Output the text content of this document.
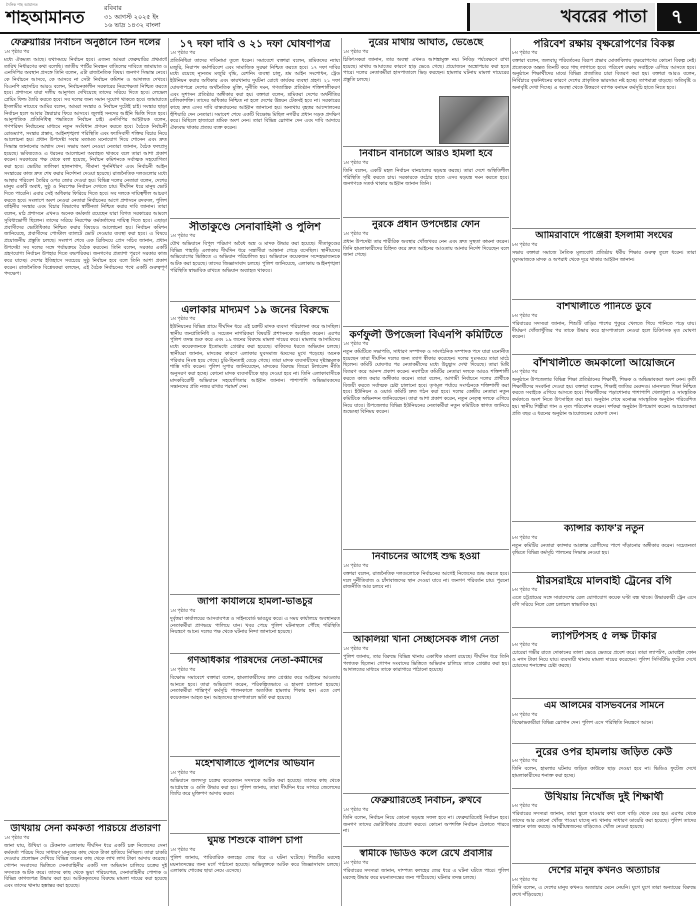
দৈনিক শাহ আমানত
শাহআমানত	রবিবার
৩১ আগস্ট ২০২৫ ইং
১৬ ভাদ্র ১৪৩২ বাংলা	খবরের পাতা	৭
ফেব্রুয়ারির নির্বাচন অনুষ্ঠানে তিন দলের
১ম পৃষ্ঠার পর

মধ্যে ঐকমত্য আছে। যথাসময়ে নির্বাচন হবে। এজন্য আমরা ফেব্রুয়ারির প্রথমার্ধে তারিখ নির্ধারণের কথা বলেছি। জাতীয় পার্টির নিবন্ধন বাতিলের দাবিতে জামায়াত ও এনসিপির অবস্থান প্রসঙ্গে তিনি বলেন, এটা রাজনৈতিক বিষয়। জনগণ সিদ্ধান্ত নেবে। কে নির্বাচনে আসবে, কে আসবে না সেটা নির্বাচন কমিশন ও আদালত দেখবে। বিএনপি মহাসচিব আরও বলেন, নির্বাচনকালীন সরকারের নিরপেক্ষতা নিশ্চিত করতে হবে। প্রশাসনে যারা দলীয় আনুগত্য দেখিয়েছে তাদের সরিয়ে দিতে হবে। লেভেল প্লেয়িং ফিল্ড তৈরি করতে হবে। সব দলের জন্য সমান সুযোগ থাকতে হবে। জামায়াতে ইসলামীর নায়েবে আমির বলেন, আমরা সংস্কার ও নির্বাচন দুটোই চাই। সংস্কার ছাড়া নির্বাচন হলে আবার স্বৈরাচার ফিরে আসবে। জুলাই সনদের আইনি ভিত্তি দিতে হবে। আনুপাতিক প্রতিনিধিত্ব পদ্ধতিতে নির্বাচন চাই। এনসিপির আহ্বায়ক বলেন, গণপরিষদ নির্বাচনের মাধ্যমে নতুন সংবিধান প্রণয়ন করতে হবে। বৈঠকে নির্বাচনী রোডম্যাপ, সংস্কার প্রস্তাব, আইনশৃঙ্খলা পরিস্থিতি এবং ফ্যাসিবাদী শক্তির বিচার নিয়ে আলোচনা হয়। প্রধান উপদেষ্টা সবার মতামত মনোযোগ দিয়ে শোনেন এবং দ্রুত সিদ্ধান্ত জানানোর আশ্বাস দেন। সভায় অংশ নেওয়া নেতারা জানান, বৈঠক ফলপ্রসূ হয়েছে। ভবিষ্যতেও এ ধরনের আলোচনা অব্যাহত থাকবে বলে তারা আশা প্রকাশ করেন। সরকারের পক্ষ থেকে বলা হয়েছে, নির্বাচন কমিশনকে সর্বাত্মক সহযোগিতা করা হবে। ভোটার তালিকা হালনাগাদ, সীমানা পুনর্নির্ধারণ এবং নির্বাচনী আইন সংস্কারের কাজ দ্রুত শেষ করার নির্দেশনা দেওয়া হয়েছে। রাজনৈতিক দলগুলোর মধ্যে আস্থার পরিবেশ তৈরির ওপর জোর দেওয়া হয়। বিভিন্ন দলের নেতারা বলেন, দেশের মানুষ একটি অবাধ, সুষ্ঠু ও নিরপেক্ষ নির্বাচন দেখতে চায়। দীর্ঘদিন ধরে মানুষ ভোট দিতে পারেনি। এবার সেই অধিকার ফিরিয়ে দিতে হবে। সব দলকে দায়িত্বশীল আচরণ করতে হবে। সংলাপে অংশ নেওয়া নেতারা নির্বাচনের আগে প্রশাসনে রদবদল, পুলিশ বাহিনীর সংস্কার এবং বিচার বিভাগের স্বাধীনতা নিশ্চিত করার দাবি জানান। তারা বলেন, মাঠ প্রশাসনে এখনও অনেক কর্মকর্তা রয়েছেন যারা বিগত সরকারের আমলে সুবিধাভোগী ছিলেন। তাদের সরিয়ে নিরপেক্ষ কর্মকর্তাদের দায়িত্ব দিতে হবে। এছাড়া প্রবাসীদের ভোটাধিকার নিশ্চিত করার বিষয়েও আলোচনা হয়। নির্বাচন কমিশন জানিয়েছে, প্রবাসীদের পোস্টাল ব্যালটে ভোট দেওয়ার ব্যবস্থা করা হবে। এ বিষয়ে প্রয়োজনীয় প্রস্তুতি চলছে। সংলাপ শেষে এক ব্রিফিংয়ে প্রেস সচিব জানান, প্রধান উপদেষ্টা সব দলের সঙ্গে পর্যায়ক্রমে বৈঠক করবেন। তিনি বলেন, সরকার একটি গ্রহণযোগ্য নির্বাচন উপহার দিতে বদ্ধপরিকর। জনগণের প্রত্যাশা পূরণে সরকার কাজ করে যাচ্ছে। দেশের ইতিহাসে সবচেয়ে সুষ্ঠু নির্বাচন হবে বলে তিনি আশা প্রকাশ করেন। রাজনৈতিক বিশ্লেষকরা বলছেন, এই বৈঠক নির্বাচনের পথে একটি গুরুত্বপূর্ণ পদক্ষেপ।

উখিয়ায় সেনা কর্মকর্তা পরিচয়ে প্রতারণা
১ম পৃষ্ঠার পর

জানা যায়, উখিয়া ও টেকনাফ এলাকায় দীর্ঘদিন ধরে একটি চক্র নিজেদের সেনা কর্মকর্তা পরিচয় দিয়ে সাধারণ মানুষের কাছ থেকে টাকা হাতিয়ে নিচ্ছিল। তারা চাকরি দেওয়ার প্রলোভন দেখিয়ে বিভিন্ন জনের কাছ থেকে লাখ লাখ টাকা আদায় করেছে। গোপন সংবাদের ভিত্তিতে সেনাবাহিনীর একটি দল অভিযান চালিয়ে চক্রের দুই সদস্যকে আটক করে। তাদের কাছ থেকে ভুয়া পরিচয়পত্র, সেনাবাহিনীর পোশাক ও বিভিন্ন কাগজপত্র উদ্ধার করা হয়। আটককৃতদের বিরুদ্ধে মামলা দায়ের করা হয়েছে এবং তাদের থানায় হস্তান্তর করা হয়েছে।

১৭ দফা দাবি ও ২১ দফা ঘোষণাপত্র
১ম পৃষ্ঠার পর

প্রতিনিধিরা তাদের দাবিনামা তুলে ধরেন। সমাবেশে বক্তারা বলেন, শ্রমিকদের ন্যায্য মজুরি, নিরাপদ কর্মপরিবেশ এবং সামাজিক সুরক্ষা নিশ্চিত করতে হবে। ১৭ দফা দাবির মধ্যে রয়েছে ন্যূনতম মজুরি বৃদ্ধি, রেশনিং ব্যবস্থা চালু, শ্রম আইন সংশোধন, ট্রেড ইউনিয়ন করার অধিকার এবং কারখানায় দুর্ঘটনা রোধে কার্যকর ব্যবস্থা গ্রহণ। ২১ দফা ঘোষণাপত্রে দেশের অর্থনৈতিক মুক্তি, দুর্নীতি দমন, গণতান্ত্রিক প্রতিষ্ঠান শক্তিশালীকরণ এবং সুশাসন প্রতিষ্ঠার অঙ্গীকার করা হয়। বক্তারা বলেন, শ্রমিকরা দেশের অর্থনীতির চালিকাশক্তি। তাদের অধিকার নিশ্চিত না হলে দেশের উন্নয়ন টেকসই হবে না। সরকারের কাছে দ্রুত এসব দাবি বাস্তবায়নের আহ্বান জানানো হয়। অন্যথায় বৃহত্তর আন্দোলনের হুঁশিয়ারি দেন নেতারা। সমাবেশ শেষে একটি বিক্ষোভ মিছিল নগরীর প্রধান সড়ক প্রদক্ষিণ করে। মিছিলে হাজারো শ্রমিক অংশ নেন। তারা বিভিন্ন স্লোগান দেন এবং দাবি আদায়ে ঐক্যবদ্ধ থাকার প্রত্যয় ব্যক্ত করেন।

সীতাকুণ্ডে সেনাবাহিনী ও পুলিশ
১ম পৃষ্ঠার পর

যৌথ অভিযানে বিপুল পরিমাণ অবৈধ অস্ত্র ও মাদক উদ্ধার করা হয়েছে। সীতাকুণ্ডের বিভিন্ন পাহাড়ি এলাকায় দীর্ঘদিন ধরে সন্ত্রাসীরা আস্তানা গেড়ে বসেছিল। স্থানীয়দের অভিযোগের ভিত্তিতে এ অভিযান পরিচালিত হয়। অভিযানে কয়েকজন সন্দেহভাজনকে আটক করা হয়েছে। তাদের জিজ্ঞাসাবাদ চলছে। পুলিশ জানিয়েছে, এলাকায় আইনশৃঙ্খলা পরিস্থিতি স্বাভাবিক রাখতে অভিযান অব্যাহত থাকবে।

এলাকার মাদ্যমণ ১৯ জনের বিরুদ্ধে
১ম পৃষ্ঠার পর

ইউনিয়নের বিভিন্ন গ্রামে দীর্ঘদিন ধরে এই চক্রটি মাদক ব্যবসা পরিচালনা করে আসছিল। স্থানীয় জনপ্রতিনিধি ও সচেতন নাগরিকরা বিষয়টি প্রশাসনকে অবহিত করেন। এরপর পুলিশ তদন্ত শুরু করে এবং ১৯ জনের বিরুদ্ধে মামলা দায়ের করে। মামলার আসামিদের মধ্যে কয়েকজনকে ইতোমধ্যে গ্রেপ্তার করা হয়েছে। বাকিদের ধরতে অভিযান চলছে। স্থানীয়রা জানান, মাদকের কারণে এলাকার যুবসমাজ ধ্বংসের মুখে পড়েছে। অনেক পরিবার নিঃস্ব হয়ে গেছে। চুরি-ছিনতাই বেড়ে গেছে। তারা মাদক ব্যবসায়ীদের দৃষ্টান্তমূলক শাস্তি দাবি করেন। পুলিশ সুপার জানিয়েছেন, মাদকের বিরুদ্ধে জিরো টলারেন্স নীতি অনুসরণ করা হচ্ছে। কোনো মাদক ব্যবসায়ীকে ছাড় দেওয়া হবে না। তিনি এলাকাবাসীকে মাদকবিরোধী অভিযানে সহযোগিতার আহ্বান জানান। পাশাপাশি অভিভাবকদের সন্তানদের প্রতি নজর রাখার পরামর্শ দেন।

জাপা কার্যালয়ে হামলা-ভাঙচুর
১ম পৃষ্ঠার পর

দুর্বৃত্তরা কার্যালয়ের আসবাবপত্র ও সাইনবোর্ড ভাঙচুর করে। এ সময় কার্যালয়ে অবস্থানরত নেতাকর্মীরা প্রাণভয়ে পালিয়ে যান। খবর পেয়ে পুলিশ ঘটনাস্থলে পৌঁছে পরিস্থিতি নিয়ন্ত্রণে আনে। দলের পক্ষ থেকে ঘটনার নিন্দা জানানো হয়েছে।

গণঅধিকার পরিষদের নেতা-কর্মীদের
১ম পৃষ্ঠার পর

বিক্ষোভ সমাবেশে বক্তারা বলেন, হামলাকারীদের দ্রুত গ্রেপ্তার করে আইনের আওতায় আনতে হবে। তারা অভিযোগ করেন, পরিকল্পিতভাবে এ হামলা চালানো হয়েছে। নেতাকর্মীরা শান্তিপূর্ণ কর্মসূচি পালনকালে অতর্কিত হামলার শিকার হন। এতে বেশ কয়েকজন আহত হন। আহতদের হাসপাতালে ভর্তি করা হয়েছে।

মহেশখালীতে পুলিশের অভিযান
১ম পৃষ্ঠার পর

অভিযানে জলদস্যু চক্রের কয়েকজন সদস্যকে আটক করা হয়েছে। তাদের কাছ থেকে আগ্নেয়াস্ত্র ও গুলি উদ্ধার করা হয়। পুলিশ জানায়, তারা দীর্ঘদিন ধরে সাগরে জেলেদের জিম্মি করে মুক্তিপণ আদায় করত।

ঘুমন্ত শিশুকে বালিশ চাপা
১ম পৃষ্ঠার পর

পুলিশ জানায়, পারিবারিক কলহের জের ধরে এ ঘটনা ঘটেছে। শিশুটির মরদেহ ময়নাতদন্তের জন্য মর্গে পাঠানো হয়েছে। অভিযুক্তকে আটক করে জিজ্ঞাসাবাদ চলছে। এলাকায় শোকের ছায়া নেমে এসেছে।

নুরের মাথায় আঘাত, ভেঙেছে
১ম পৃষ্ঠার পর

চিকিৎসকরা জানান, তার অবস্থা এখনও আশঙ্কামুক্ত নয়। নিবিড় পর্যবেক্ষণে রাখা হয়েছে। মাথায় আঘাতের কারণে হাড় ভেঙে গেছে। প্রয়োজনে অস্ত্রোপচার করা হতে পারে। দলের নেতাকর্মীরা হাসপাতালে ভিড় করছেন। হামলার ঘটনায় মামলা দায়েরের প্রস্তুতি চলছে।

নির্বাচন বানচালে আরও হামলা হবে
১ম পৃষ্ঠার পর

তিনি বলেন, একটি মহল নির্বাচন বানচালের ষড়যন্ত্র করছে। তারা দেশে অস্থিতিশীল পরিস্থিতি সৃষ্টি করতে চায়। সরকারকে কঠোর হাতে এসব ষড়যন্ত্র দমন করতে হবে। জনগণকে সতর্ক থাকার আহ্বান জানান তিনি।

নুরকে প্রধান উপদেষ্টার ফোন
১ম পৃষ্ঠার পর

প্রধান উপদেষ্টা তার শারীরিক অবস্থার খোঁজখবর নেন এবং দ্রুত সুস্থতা কামনা করেন। তিনি হামলাকারীদের চিহ্নিত করে দ্রুত আইনের আওতায় আনার নির্দেশ দিয়েছেন বলে জানা গেছে।

কর্ণফুলী উপজেলা বিএনপি কমিটিতে
১ম পৃষ্ঠার পর

নতুন কমিটিতে সভাপতি, সাধারণ সম্পাদক ও সাংগঠনিক সম্পাদক পদে যারা মনোনীত হয়েছেন তারা দীর্ঘদিন দলের জন্য ত্যাগ স্বীকার করেছেন। দলের দুঃসময়ে তারা মাঠে ছিলেন। কমিটি ঘোষণার পর নেতাকর্মীদের মধ্যে উচ্ছ্বাস দেখা দিয়েছে। তারা মিষ্টি বিতরণ করে আনন্দ প্রকাশ করেন। নবগঠিত কমিটির নেতারা দলকে আরও শক্তিশালী করতে কাজ করার অঙ্গীকার করেন। তারা বলেন, আগামী নির্বাচনে দলের প্রার্থীকে বিজয়ী করতে সর্বাত্মক চেষ্টা চালানো হবে। তৃণমূল পর্যায়ে সংগঠনকে শক্তিশালী করা হবে। ইউনিয়ন ও ওয়ার্ড কমিটি দ্রুত গঠন করা হবে। দলের কেন্দ্রীয় নেতারা নতুন কমিটিকে অভিনন্দন জানিয়েছেন। তারা আশা প্রকাশ করেন, নতুন নেতৃত্ব দলকে এগিয়ে নিয়ে যাবে। উপজেলার বিভিন্ন ইউনিয়নের নেতাকর্মীরা নতুন কমিটিকে স্বাগত জানিয়ে শুভেচ্ছা বিনিময় করেন।

নির্বাচনের আগেই শুদ্ধ হওয়া
১ম পৃষ্ঠার পর

বক্তারা বলেন, রাজনৈতিক দলগুলোকে নির্বাচনের আগেই নিজেদের শুদ্ধ করতে হবে। দলে দুর্নীতিবাজ ও চাঁদাবাজদের স্থান দেওয়া যাবে না। জনগণ পরিবর্তন চায়। পুরনো রাজনীতি আর চলবে না।

আকলিয়া খানা সেচ্ছাসেবক লীগ নেতা
১ম পৃষ্ঠার পর

পুলিশ জানায়, তার বিরুদ্ধে বিভিন্ন থানায় একাধিক মামলা রয়েছে। দীর্ঘদিন ধরে তিনি পলাতক ছিলেন। গোপন সংবাদের ভিত্তিতে অভিযান চালিয়ে তাকে গ্রেপ্তার করা হয়। আদালতের মাধ্যমে তাকে কারাগারে পাঠানো হয়েছে।

ফেব্রুয়ারিতেই নির্বাচন, রুখবে
১ম পৃষ্ঠার পর

তিনি বলেন, নির্বাচন নিয়ে কোনো ষড়যন্ত্র সফল হবে না। ফেব্রুয়ারিতেই নির্বাচন হবে। জনগণ তাদের ভোটাধিকার প্রয়োগ করবে। কোনো অপশক্তি নির্বাচন ঠেকাতে পারবে না।

স্বামীকে ভিডিও কলে রেখে প্রবাসীর
১ম পৃষ্ঠার পর

পরিবারের সদস্যরা জানান, দাম্পত্য কলহের জের ধরে এ ঘটনা ঘটতে পারে। পুলিশ মরদেহ উদ্ধার করে ময়নাতদন্তের জন্য পাঠিয়েছে। ঘটনার তদন্ত চলছে।

পরিবেশ রক্ষায় বৃক্ষরোপণের বিকল্প
৮ম পৃষ্ঠার পর

বক্তারা বলেন, জলবায়ু পরিবর্তনের বিরূপ প্রভাব মোকাবিলায় বৃক্ষরোপণের কোনো বিকল্প নেই। প্রত্যেককে অন্তত তিনটি করে গাছ লাগাতে হবে। পরিবেশ রক্ষায় সবাইকে এগিয়ে আসতে হবে। অনুষ্ঠানে শিক্ষার্থীদের মাঝে বিভিন্ন প্রজাতির চারা বিতরণ করা হয়। বক্তারা আরও বলেন, নির্বিচারে বৃক্ষনিধনের কারণে দেশের প্রাকৃতিক ভারসাম্য নষ্ট হচ্ছে। তাপমাত্রা বাড়ছে। অতিবৃষ্টি ও অনাবৃষ্টি দেখা দিচ্ছে। এ অবস্থা থেকে উত্তরণে ব্যাপক বনায়ন কর্মসূচি হাতে নিতে হবে।

আমিরাবাদে পাঞ্জেরী ইসলামী সংঘের
৮ম পৃষ্ঠার পর

সভায় বক্তারা সমাজে নৈতিক মূল্যবোধ প্রতিষ্ঠায় ধর্মীয় শিক্ষার গুরুত্ব তুলে ধরেন। তারা যুবসমাজকে মাদক ও অপরাধ থেকে দূরে থাকার আহ্বান জানান।

বাঁশখালীতে পানিতে ডুবে
৮ম পৃষ্ঠার পর

পরিবারের সদস্যরা জানান, শিশুটি বাড়ির পাশের পুকুরে খেলতে গিয়ে পানিতে পড়ে যায়। দীর্ঘক্ষণ খোঁজাখুঁজির পর তাকে উদ্ধার করে হাসপাতালে নেওয়া হলে চিকিৎসক মৃত ঘোষণা করেন।

বাঁশখালীতে জমকালো আয়োজনে
৮ম পৃষ্ঠার পর

অনুষ্ঠানে উপজেলার বিভিন্ন শিক্ষা প্রতিষ্ঠানের শিক্ষার্থী, শিক্ষক ও অভিভাবকরা অংশ নেন। কৃতী শিক্ষার্থীদের সংবর্ধনা দেওয়া হয়। বক্তারা বলেন, শিক্ষাই জাতির মেরুদণ্ড। মানসম্মত শিক্ষা নিশ্চিত করতে সবাইকে এগিয়ে আসতে হবে। শিক্ষার্থীদের পড়াশোনার পাশাপাশি খেলাধুলা ও সাংস্কৃতিক কর্মকাণ্ডে অংশ নিতে উৎসাহিত করা হয়। অনুষ্ঠান শেষে মনোজ্ঞ সাংস্কৃতিক অনুষ্ঠান পরিবেশিত হয়। স্থানীয় শিল্পীরা গান ও নৃত্য পরিবেশন করেন। দর্শকরা অনুষ্ঠান উপভোগ করেন। আয়োজকরা প্রতি বছর এ ধরনের অনুষ্ঠান আয়োজনের ঘোষণা দেন।

ক্যান্সার ক্যাফ'র নতুন
৮ম পৃষ্ঠার পর

নতুন কমিটির নেতারা ক্যান্সার আক্রান্ত রোগীদের পাশে দাঁড়ানোর অঙ্গীকার করেন। সচেতনতা বৃদ্ধিতে বিভিন্ন কর্মসূচি পালনের সিদ্ধান্ত নেওয়া হয়।

মীরসরাইয়ে মালবাহী ট্রেনের বগি
৮ম পৃষ্ঠার পর

এতে চট্টগ্রামের সঙ্গে সারাদেশের রেল যোগাযোগ কয়েক ঘণ্টা বন্ধ থাকে। উদ্ধারকারী ট্রেন এসে বগি সরিয়ে নিলে রেল চলাচল স্বাভাবিক হয়।

ল্যাপটপসহ ৫ লক্ষ টাকার
৮ম পৃষ্ঠার পর

চোরেরা গভীর রাতে দোকানের তালা ভেঙে ভেতরে প্রবেশ করে। তারা ল্যাপটপ, মোবাইল ফোন ও নগদ টাকা নিয়ে যায়। ব্যবসায়ী থানায় মামলা দায়ের করেছেন। পুলিশ সিসিটিভি ফুটেজ দেখে চোরদের শনাক্তের চেষ্টা করছে।

এম আলমের বাসভবনের সামনে
৮ম পৃষ্ঠার পর

বিক্ষোভকারীরা বিভিন্ন স্লোগান দেন। পুলিশ এসে পরিস্থিতি নিয়ন্ত্রণে আনে।

নুরের ওপর হামলায় জড়িত কেউ
৮ম পৃষ্ঠার পর

তিনি বলেন, হামলার ঘটনায় জড়িত কাউকে ছাড় দেওয়া হবে না। ভিডিও ফুটেজ দেখে হামলাকারীদের শনাক্ত করা হচ্ছে।

উখিয়ায় নিখোঁজ দুই শিক্ষার্থী
৮ম পৃষ্ঠার পর

পরিবারের সদস্যরা জানান, তারা স্কুলে যাওয়ার কথা বলে বাড়ি থেকে বের হয়। এরপর থেকে তাদের আর কোনো খোঁজ পাওয়া যাচ্ছে না। থানায় সাধারণ ডায়েরি করা হয়েছে। পুলিশ তাদের সন্ধানে কাজ করছে। আত্মীয়স্বজনের বাড়িতেও খোঁজ নেওয়া হয়েছে।

দেশের মানুষ কখনও অত্যাচার
৮ম পৃষ্ঠার পর

তিনি বলেন, এ দেশের মানুষ কখনও অত্যাচার মেনে নেয়নি। যুগে যুগে তারা অন্যায়ের বিরুদ্ধে রুখে দাঁড়িয়েছে।
